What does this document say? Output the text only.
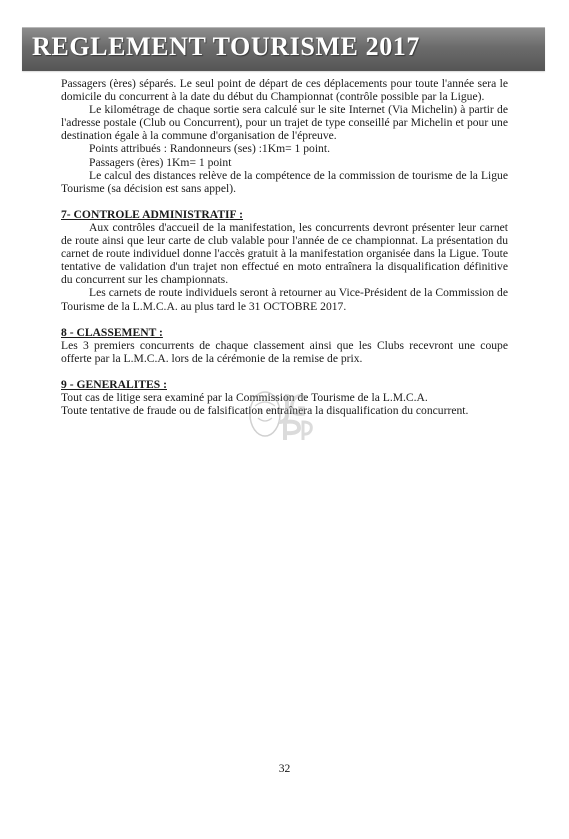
REGLEMENT TOURISME 2017

Passagers (ères) séparés. Le seul point de départ de ces déplacements pour toute l'année sera le domicile du concurrent à la date du début du Championnat (contrôle possible par la Ligue).

Le kilométrage de chaque sortie sera calculé sur le site Internet (Via Michelin) à partir de l'adresse postale (Club ou Concurrent), pour un trajet de type conseillé par Michelin et pour une destination égale à la commune d'organisation de l'épreuve.

Points attribués : Randonneurs (ses) :1Km= 1 point.

Passagers (ères) 1Km= 1 point

Le calcul des distances relève de la compétence de la commission de tourisme de la Ligue Tourisme (sa décision est sans appel).

7- CONTROLE ADMINISTRATIF :

Aux contrôles d'accueil de la manifestation, les concurrents devront présenter leur carnet de route ainsi que leur carte de club valable pour l'année de ce championnat. La présentation du carnet de route individuel donne l'accès gratuit à la manifestation organisée dans la Ligue. Toute tentative de validation d'un trajet non effectué en moto entraînera la disqualification définitive du concurrent sur les championnats.

Les carnets de route individuels seront à retourner au Vice-Président de la Commission de Tourisme de la L.M.C.A. au plus tard le 31 OCTOBRE 2017.

8 - CLASSEMENT :

Les 3 premiers concurrents de chaque classement ainsi que les Clubs recevront une coupe offerte par la L.M.C.A. lors de la cérémonie de la remise de prix.

9 - GENERALITES :

Tout cas de litige sera examiné par la Commission de Tourisme de la L.M.C.A.

Toute tentative de fraude ou de falsification entraînera la disqualification du concurrent.

32
